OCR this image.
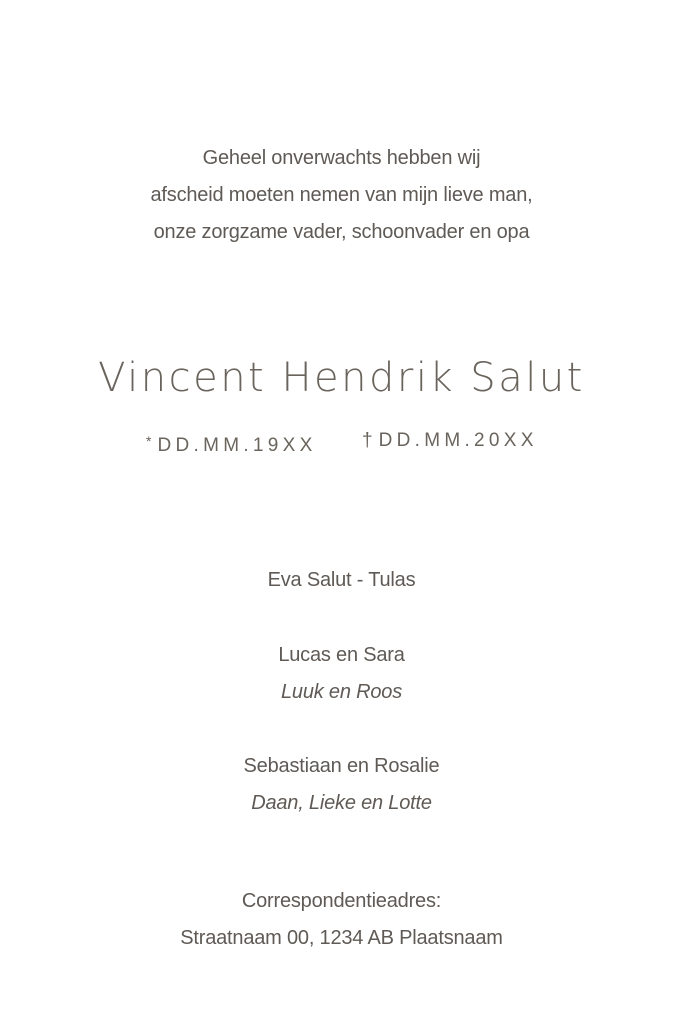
Geheel onverwachts hebben wij
afscheid moeten nemen van mijn lieve man,
onze zorgzame vader, schoonvader en opa
Vincent Hendrik Salut
* DD.MM.19XX † DD.MM.20XX
Eva Salut - Tulas
Lucas en Sara
Luuk en Roos
Sebastiaan en Rosalie
Daan, Lieke en Lotte
Correspondentieadres:
Straatnaam 00, 1234 AB Plaatsnaam
